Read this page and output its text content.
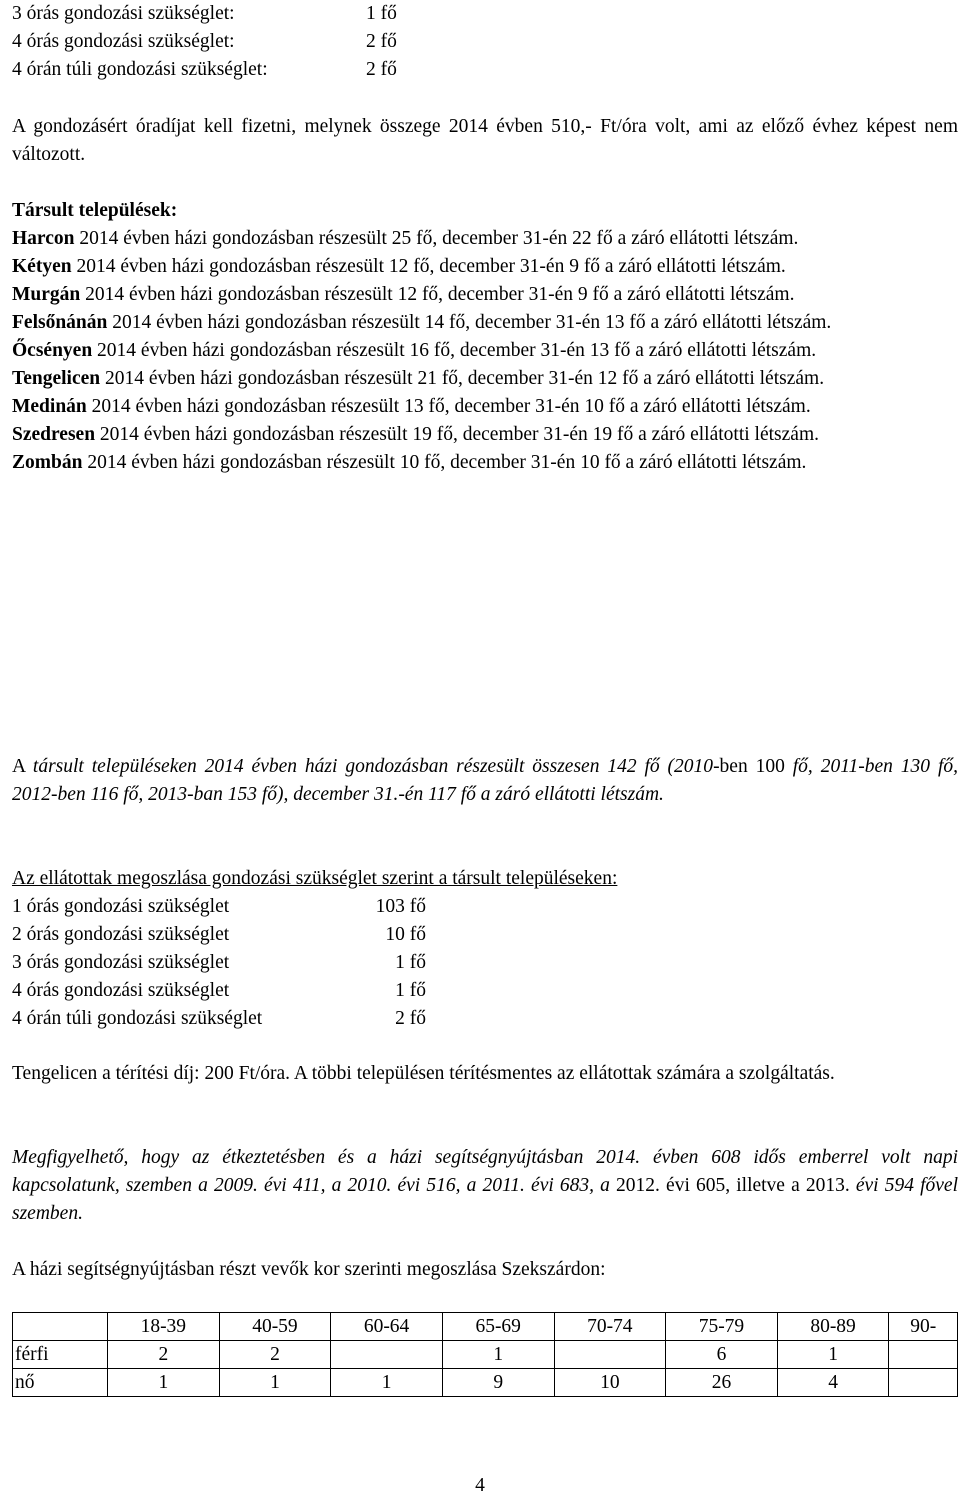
3 órás gondozási szükséglet:	1 fő
4 órás gondozási szükséglet:	2 fő
4 órán túli gondozási szükséglet:	2 fő

A gondozásért óradíjat kell fizetni, melynek összege 2014 évben 510,- Ft/óra volt, ami az előző évhez képest nem változott.

Társult települések:

Harcon 2014 évben házi gondozásban részesült 25 fő, december 31-én 22 fő a záró ellátotti létszám.

Kétyen 2014 évben házi gondozásban részesült 12 fő, december 31-én 9 fő a záró ellátotti létszám.

Murgán 2014 évben házi gondozásban részesült 12 fő, december 31-én 9 fő a záró ellátotti létszám.

Felsőnánán 2014 évben házi gondozásban részesült 14 fő, december 31-én 13 fő a záró ellátotti létszám.

Őcsényen 2014 évben házi gondozásban részesült 16 fő, december 31-én 13 fő a záró ellátotti létszám.

Tengelicen 2014 évben házi gondozásban részesült 21 fő, december 31-én 12 fő a záró ellátotti létszám.

Medinán 2014 évben házi gondozásban részesült 13 fő, december 31-én 10 fő a záró ellátotti létszám.

Szedresen 2014 évben házi gondozásban részesült 19 fő, december 31-én 19 fő a záró ellátotti létszám.

Zombán 2014 évben házi gondozásban részesült 10 fő, december 31-én 10 fő a záró ellátotti létszám.

A társult településeken 2014 évben házi gondozásban részesült összesen 142 fő (2010-ben 100 fő, 2011-ben 130 fő, 2012-ben 116 fő, 2013-ban 153 fő), december 31.-én 117 fő a záró ellátotti létszám.

Az ellátottak megoszlása gondozási szükséglet szerint a társult településeken:
1 órás gondozási szükséglet	103 fő
2 órás gondozási szükséglet	10 fő
3 órás gondozási szükséglet	1 fő
4 órás gondozási szükséglet	1 fő
4 órán túli gondozási szükséglet	2 fő

Tengelicen a térítési díj: 200 Ft/óra. A többi településen térítésmentes az ellátottak számára a szolgáltatás.

Megfigyelhető, hogy az étkeztetésben és a házi segítségnyújtásban 2014. évben 608 idős emberrel volt napi kapcsolatunk, szemben a 2009. évi 411, a 2010. évi 516, a 2011. évi 683, a 2012. évi 605, illetve a 2013. évi 594 fővel szemben.

A házi segítségnyújtásban részt vevők kor szerinti megoszlása Szekszárdon:
	18-39	40-59	60-64	65-69	70-74	75-79	80-89	90-
férfi	2	2		1		6	1	
nő	1	1	1	9	10	26	4	
4
